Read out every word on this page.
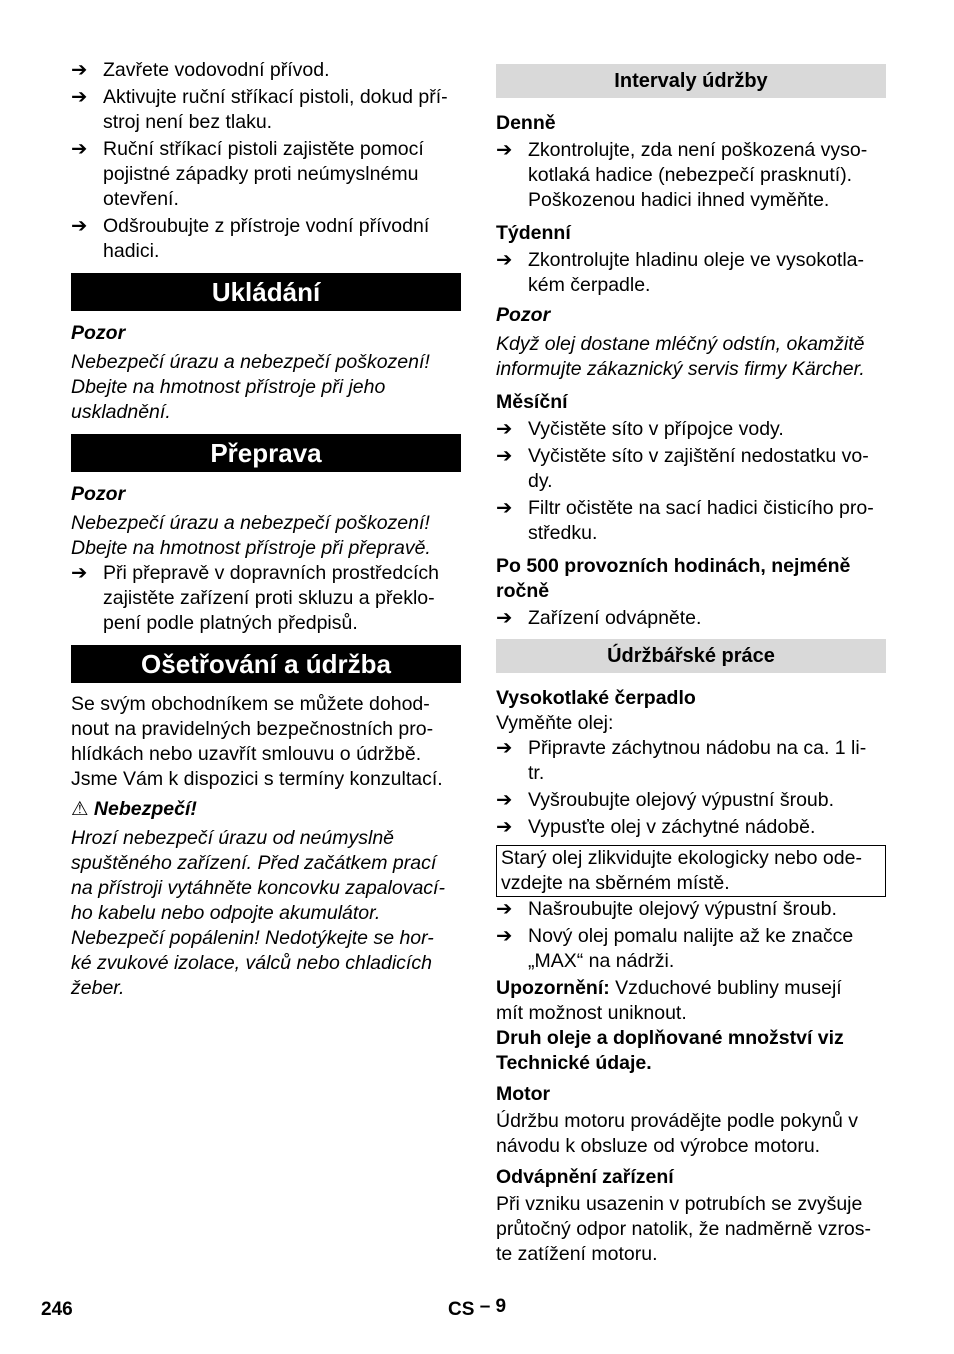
➔ Zavřete vodovodní přívod.
➔ Aktivujte ruční stříkací pistoli, dokud pří-
stroj není bez tlaku.
➔ Ruční stříkací pistoli zajistěte pomocí
pojistné západky proti neúmyslnému
otevření.
➔ Odšroubujte z přístroje vodní přívodní
hadici.
Ukládání

Pozor

Nebezpečí úrazu a nebezpečí poškození!

Dbejte na hmotnost přístroje při jeho

uskladnění.

Přeprava

Pozor

Nebezpečí úrazu a nebezpečí poškození!

Dbejte na hmotnost přístroje při přepravě.

➔ Při přepravě v dopravních prostředcích
zajistěte zařízení proti skluzu a překlo-
pení podle platných předpisů.
Ošetřování a údržba

Se svým obchodníkem se můžete dohod-

nout na pravidelných bezpečnostních pro-

hlídkách nebo uzavřít smlouvu o údržbě.

Jsme Vám k dispozici s termíny konzultací.

⚠ Nebezpečí!

Hrozí nebezpečí úrazu od neúmyslně

spuštěného zařízení. Před začátkem prací

na přístroji vytáhněte koncovku zapalovací-

ho kabelu nebo odpojte akumulátor.

Nebezpečí popálenin! Nedotýkejte se hor-

ké zvukové izolace, válců nebo chladicích

žeber.

Intervaly údržby

Denně

➔ Zkontrolujte, zda není poškozená vyso-
kotlaká hadice (nebezpečí prasknutí).
Poškozenou hadici ihned vyměňte.

Týdenní

➔ Zkontrolujte hladinu oleje ve vysokotla-
kém čerpadle.

Pozor

Když olej dostane mléčný odstín, okamžitě

informujte zákaznický servis firmy Kärcher.

Měsíční

➔ Vyčistěte síto v přípojce vody.
➔ Vyčistěte síto v zajištění nedostatku vo-
dy.
➔ Filtr očistěte na sací hadici čisticího pro-
středku.

Po 500 provozních hodinách, nejméně

ročně

➔ Zařízení odvápněte.
Údržbářské práce

Vysokotlaké čerpadlo

Vyměňte olej:

➔ Připravte záchytnou nádobu na ca. 1 li-
tr.
➔ Vyšroubujte olejový výpustní šroub.
➔ Vypusťte olej v záchytné nádobě.

Starý olej zlikvidujte ekologicky nebo ode-

vzdejte na sběrném místě.

➔ Našroubujte olejový výpustní šroub.
➔ Nový olej pomalu nalijte až ke značce
„MAX“ na nádrži.

Upozornění: Vzduchové bubliny musejí

mít možnost uniknout.

Druh oleje a doplňované množství viz

Technické údaje.

Motor

Údržbu motoru provádějte podle pokynů v

návodu k obsluze od výrobce motoru.

Odvápnění zařízení

Při vzniku usazenin v potrubích se zvyšuje

průtočný odpor natolik, že nadměrně vzros-

te zatížení motoru.

246	CS – 9
